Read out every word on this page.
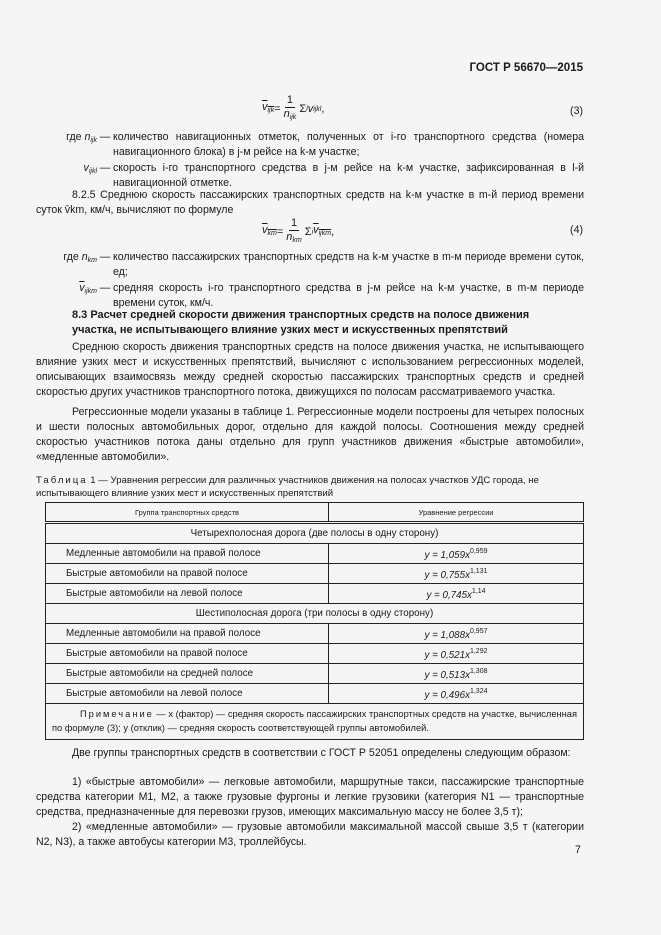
ГОСТ Р 56670—2015
$v_{ijk} = \frac{1}{n_{ijk}}$ Σ l v ijkl ,	(3)
где $n_{ijk}$ — количество навигационных отметок, полученных от i-го транспортного средства (номера навигационного блока) в j-м рейсе на k-м участке;
$v_{ijkl}$ — скорость i-го транспортного средства в j-м рейсе на k-м участке, зафиксированная в l-й навигационной отметке.
8.2.5 Среднюю скорость пассажирских транспортных средств на k-м участке в m-й период времени суток v̄km, км/ч, вычисляют по формуле
$v_{km} = \frac{1}{n_{km}}$ Σ i $v_{ijkm}$ ,	(4)
где $n_{km}$ — количество пассажирских транспортных средств на k-м участке в m-м периоде времени суток, ед;
$\overline{v}_{ijkm}$ — средняя скорость i-го транспортного средства в j-м рейсе на k-м участке, в m-м периоде времени суток, км/ч.
8.3 Расчет средней скорости движения транспортных средств на полосе движения участка, не испытывающего влияние узких мест и искусственных препятствий
Среднюю скорость движения транспортных средств на полосе движения участка, не испытывающего влияние узких мест и искусственных препятствий, вычисляют с использованием регрессионных моделей, описывающих взаимосвязь между средней скоростью пассажирских транспортных средств и средней скоростью других участников транспортного потока, движущихся по полосам рассматриваемого участка.
Регрессионные модели указаны в таблице 1. Регрессионные модели построены для четырех полосных и шести полосных автомобильных дорог, отдельно для каждой полосы. Соотношения между средней скоростью участников потока даны отдельно для групп участников движения «быстрые автомобили», «медленные автомобили».
Таблица 1 — Уравнения регрессии для различных участников движения на полосах участков УДС города, не испытывающего влияние узких мест и искусственных препятствий
Группа транспортных средств	Уравнение регрессии
Четырехполосная дорога (две полосы в одну сторону)	
Медленные автомобили на правой полосе	$y = 1,059x^{0,959}$
Быстрые автомобили на правой полосе	$y = 0,755x^{1,131}$
Быстрые автомобили на левой полосе	$y = 0,745x^{1,14}$
Шестиполосная дорога (три полосы в одну сторону)	
Медленные автомобили на правой полосе	$y = 1,088x^{0,957}$
Быстрые автомобили на правой полосе	$y = 0,521x^{1,292}$
Быстрые автомобили на средней полосе	$y = 0,513x^{1,308}$
Быстрые автомобили на левой полосе	$y = 0,496x^{1,324}$
Примечание — x (фактор) — средняя скорость пассажирских транспортных средств на участке, вычисленная по формуле (3); y (отклик) — средняя скорость соответствующей группы автомобилей.	
Две группы транспортных средств в соответствии с ГОСТ Р 52051 определены следующим образом:
1) «быстрые автомобили» — легковые автомобили, маршрутные такси, пассажирские транспортные средства категории М1, М2, а также грузовые фургоны и легкие грузовики (категория N1 — транспортные средства, предназначенные для перевозки грузов, имеющих максимальную массу не более 3,5 т);
2) «медленные автомобили» — грузовые автомобили максимальной массой свыше 3,5 т (категории N2, N3), а также автобусы категории М3, троллейбусы.
7
